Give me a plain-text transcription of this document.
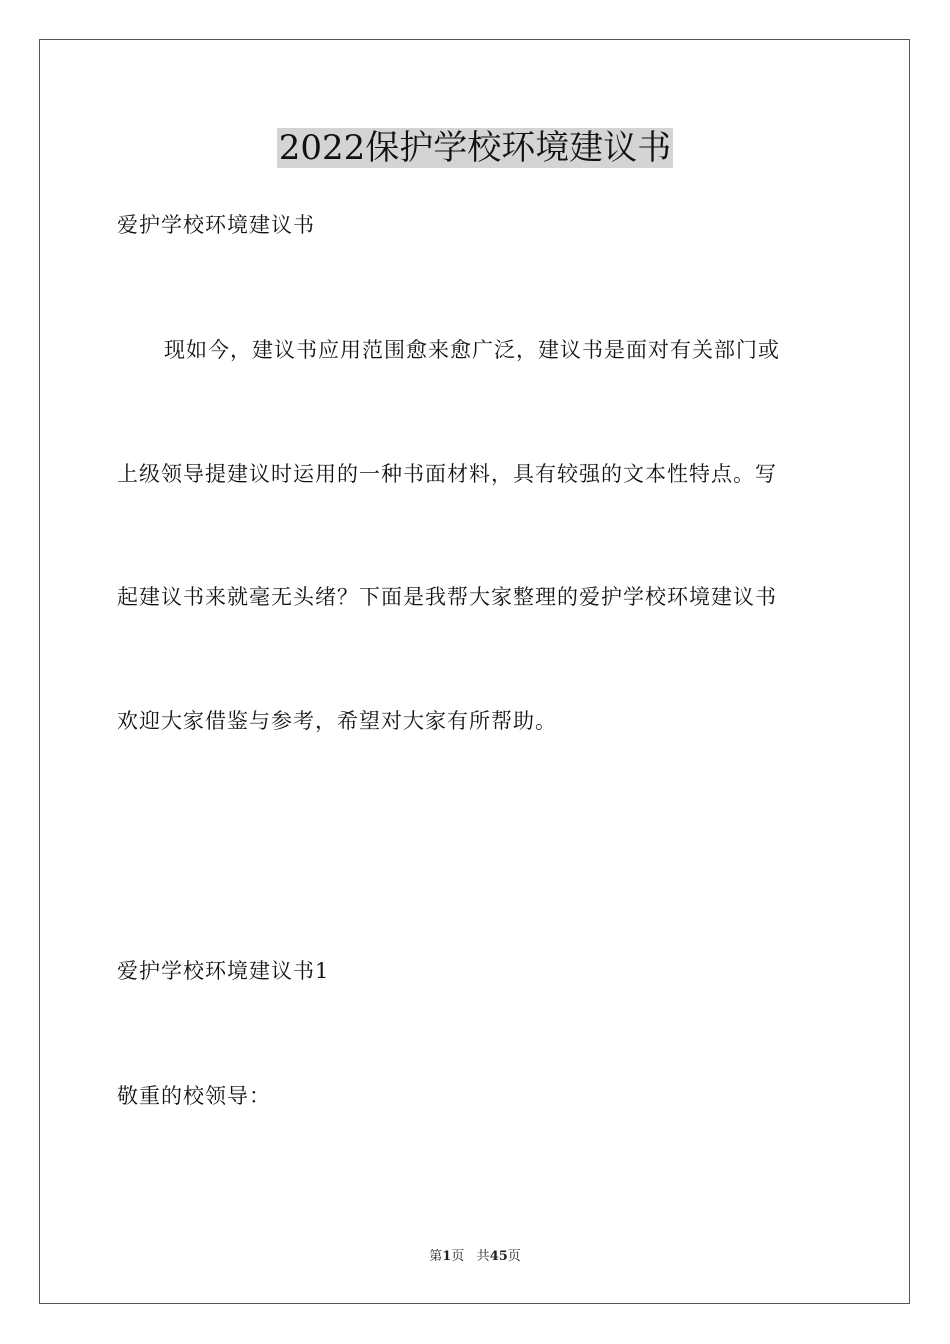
2022保护学校环境建议书
爱护学校环境建议书
现如今，建议书应用范围愈来愈广泛，建议书是面对有关部门或
上级领导提建议时运用的一种书面材料，具有较强的文本性特点。写
起建议书来就毫无头绪？下面是我帮大家整理的爱护学校环境建议书
欢迎大家借鉴与参考，希望对大家有所帮助。
爱护学校环境建议书1
敬重的校领导：
第1页 共45页
